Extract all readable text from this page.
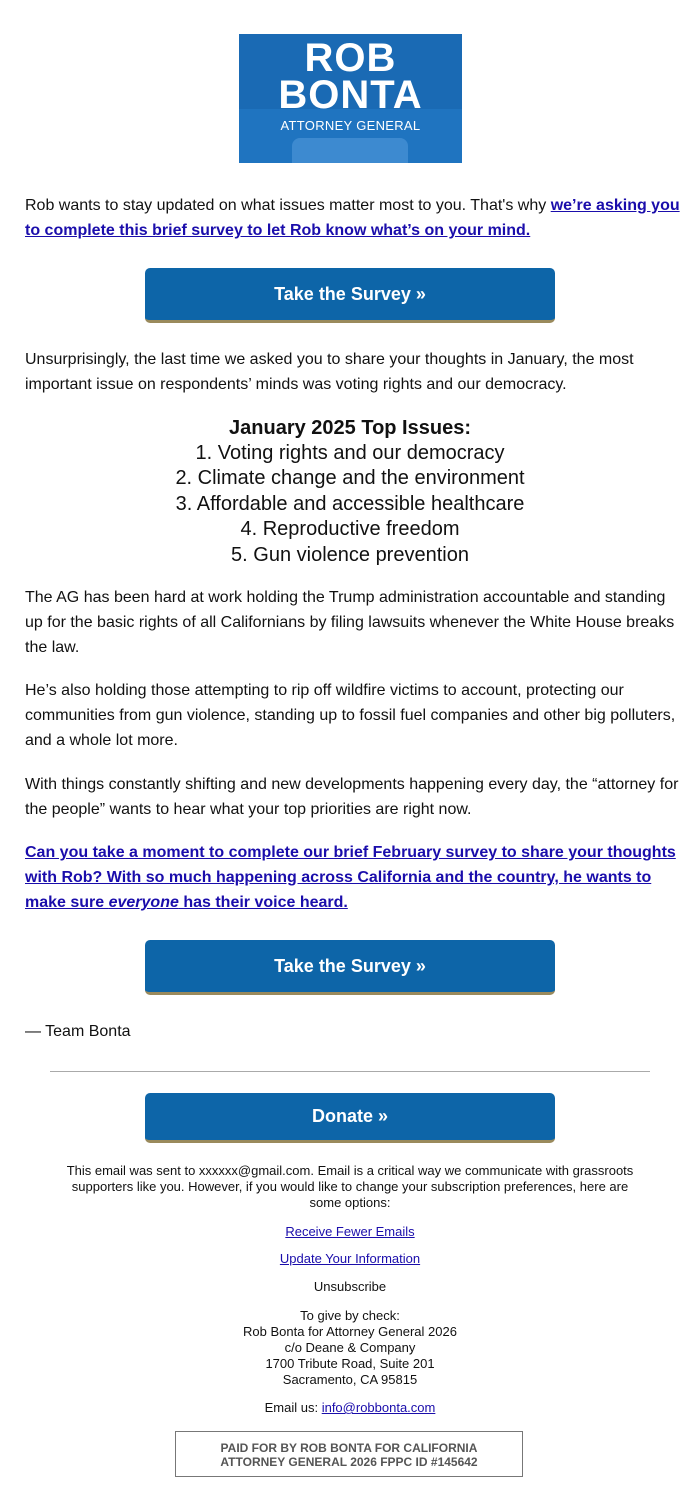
ROB
BONTA
ATTORNEY GENERAL
Rob wants to stay updated on what issues matter most to you. That's why we’re asking you to complete this brief survey to let Rob know what’s on your mind.
Take the Survey »
Unsurprisingly, the last time we asked you to share your thoughts in January, the most important issue on respondents’ minds was voting rights and our democracy.
January 2025 Top Issues:
1. Voting rights and our democracy
2. Climate change and the environment
3. Affordable and accessible healthcare
4. Reproductive freedom
5. Gun violence prevention
The AG has been hard at work holding the Trump administration accountable and standing up for the basic rights of all Californians by filing lawsuits whenever the White House breaks the law.
He’s also holding those attempting to rip off wildfire victims to account, protecting our communities from gun violence, standing up to fossil fuel companies and other big polluters, and a whole lot more.
With things constantly shifting and new developments happening every day, the “attorney for the people” wants to hear what your top priorities are right now.
Can you take a moment to complete our brief February survey to share your thoughts with Rob? With so much happening across California and the country, he wants to make sure everyone has their voice heard.
Take the Survey »
— Team Bonta
Donate »
This email was sent to xxxxxx@gmail.com. Email is a critical way we communicate with grassroots supporters like you. However, if you would like to change your subscription preferences, here are some options:
Receive Fewer Emails
Update Your Information
Unsubscribe
To give by check:
Rob Bonta for Attorney General 2026
c/o Deane & Company
1700 Tribute Road, Suite 201
Sacramento, CA 95815
Email us: info@robbonta.com
PAID FOR BY ROB BONTA FOR CALIFORNIA
ATTORNEY GENERAL 2026 FPPC ID #145642
